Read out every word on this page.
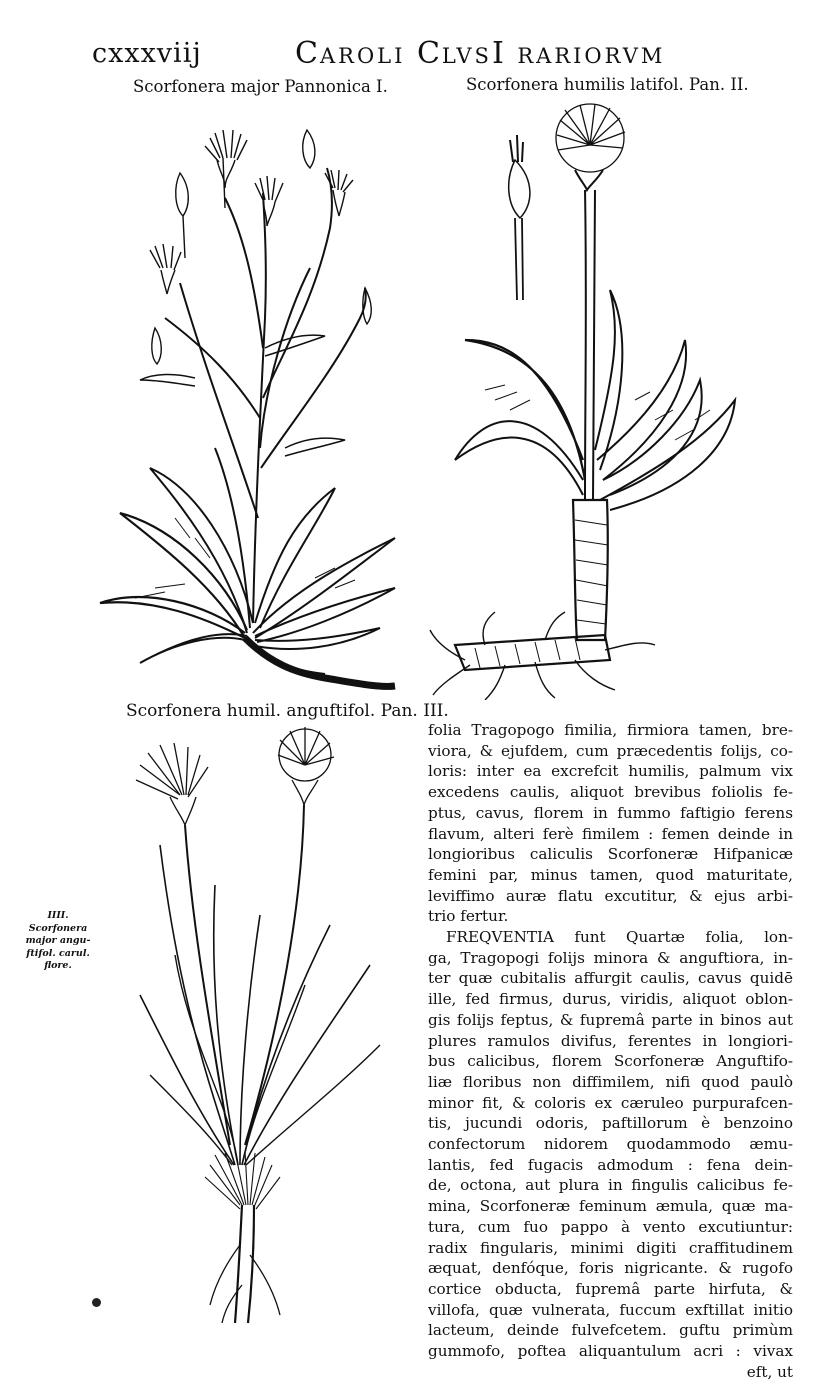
cxxxviij	CAROLI CLVSI RARIORVM
Scorfonera major Pannonica I.	Scorfonera humilis latifol. Pan. II.
Scorfonera humil. anguftifol. Pan. III.
IIII.
Scorfonera
major angu-
ftifol. carul.
flore.
folia Tragopogo fimilia, firmiora tamen, bre-
viora, & ejufdem, cum præcedentis folijs, co-
loris: inter ea excrefcit humilis, palmum vix
excedens caulis, aliquot brevibus foliolis fe-
ptus, cavus, florem in fummo faftigio ferens
flavum, alteri ferè fimilem : femen deinde in
longioribus caliculis Scorfoneræ Hifpanicæ
femini par, minus tamen, quod maturitate,
leviffimo auræ flatu excutitur, & ejus arbi-
trio fertur.
FREQVENTIA funt Quartæ folia, lon-
ga, Tragopogi folijs minora & anguftiora, in-
ter quæ cubitalis affurgit caulis, cavus quidē
ille, fed firmus, durus, viridis, aliquot oblon-
gis folijs feptus, & fupremâ parte in binos aut
plures ramulos divifus, ferentes in longiori-
bus calicibus, florem Scorfoneræ Anguftifo-
liæ floribus non diffimilem, nifi quod paulò
minor fit, & coloris ex cæruleo purpurafcen-
tis, jucundi odoris, paftillorum è benzoino
confectorum nidorem quodammodo æmu-
lantis, fed fugacis admodum : fena dein-
de, octona, aut plura in fingulis calicibus fe-
mina, Scorfoneræ feminum æmula, quæ ma-
tura, cum fuo pappo à vento excutiuntur:
radix fingularis, minimi digiti craffitudinem
æquat, denfóque, foris nigricante. & rugofo
cortice obducta, fupremâ parte hirfuta, &
villofa, quæ vulnerata, fuccum exftillat initio
lacteum, deinde fulvefcetem. guftu primùm
gummofo, poftea aliquantulum acri : vivax
eft, ut
